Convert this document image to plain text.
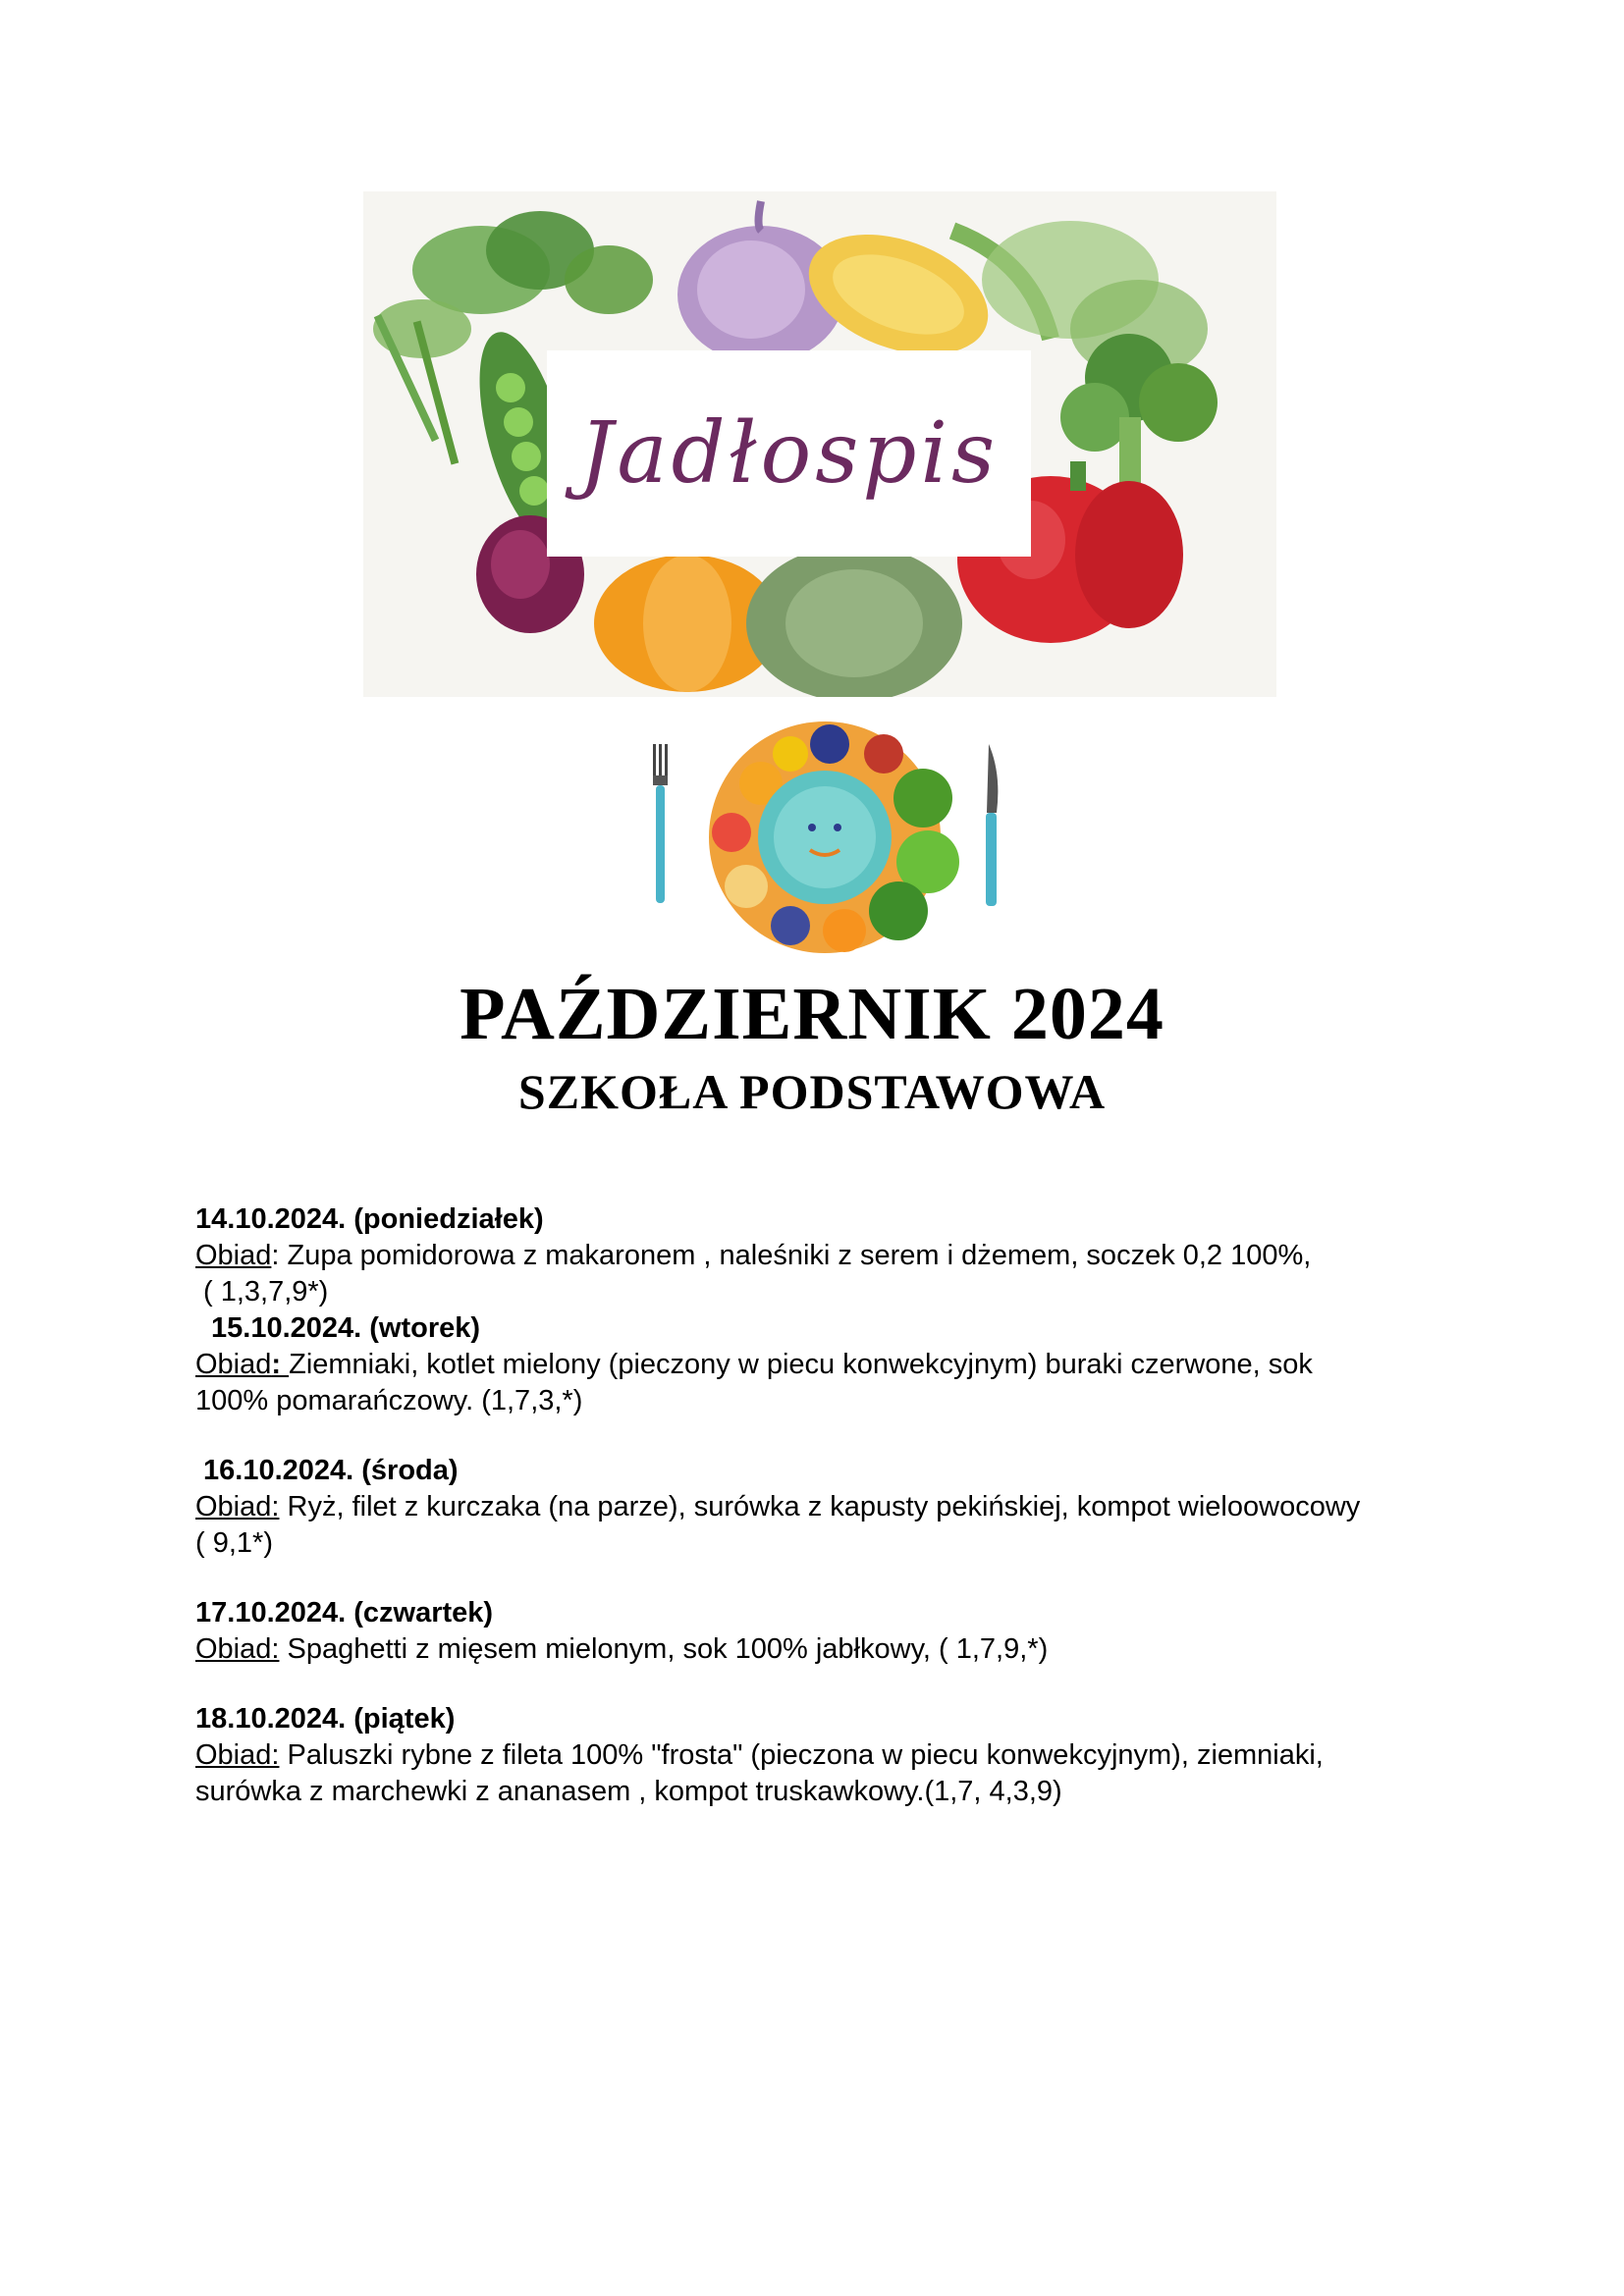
Jadłospis
PAŹDZIERNIK 2024
SZKOŁA PODSTAWOWA
14.10.2024. (poniedziałek)
Obiad: Zupa pomidorowa z makaronem , naleśniki z serem i dżemem, soczek 0,2 100%,
( 1,3,7,9*)
15.10.2024. (wtorek)
Obiad: Ziemniaki, kotlet mielony (pieczony w piecu konwekcyjnym) buraki czerwone, sok
100% pomarańczowy. (1,7,3,*)
16.10.2024. (środa)
Obiad: Ryż, filet z kurczaka (na parze), surówka z kapusty pekińskiej, kompot wieloowocowy
( 9,1*)
17.10.2024. (czwartek)
Obiad: Spaghetti z mięsem mielonym, sok 100% jabłkowy, ( 1,7,9,*)
18.10.2024. (piątek)
Obiad: Paluszki rybne z fileta 100% "frosta" (pieczona w piecu konwekcyjnym), ziemniaki,
surówka z marchewki z ananasem , kompot truskawkowy.(1,7, 4,3,9)
